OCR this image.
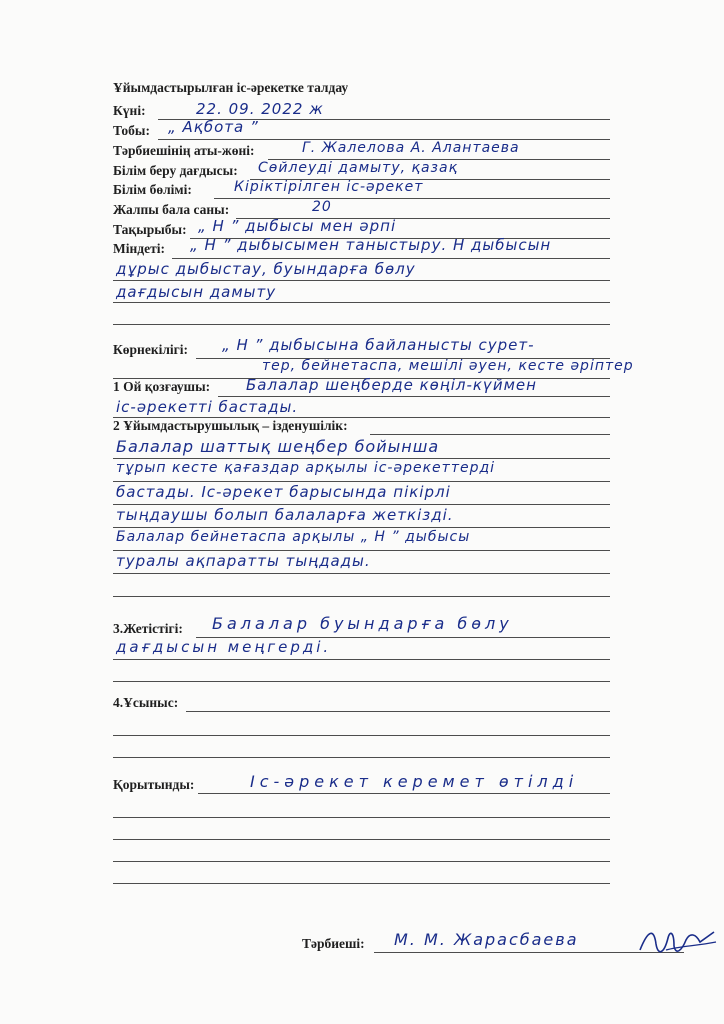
Ұйымдастырылған іс-әрекетке талдау
Күні:	22. 09. 2022 ж
Тобы: „ Ақбота ”
Тәрбиешінің аты-жөні:	Г. Жалелова А. Алантаева
Білім беру дағдысы: Сөйлеуді дамыту, қазақ
Білім бөлімі:	Кіріктірілген іс-әрекет
Жалпы бала саны:	20
Тақырыбы: „ Н ” дыбысы мен әрпі
Міндеті: „ Н ” дыбысымен таныстыру. Н дыбысын
дұрыс дыбыстау, буындарға бөлу
дағдысын дамыту
Көрнекілігі: „ Н ” дыбысына байланысты сурет-
тер, бейнетаспа, мешілі әуен, кесте әріптер
1 Ой қозғаушы: Балалар шеңберде көңіл-күймен
іс-әрекетті бастады.
2 Ұйымдастырушылық – ізденушілік:
Балалар шаттық шеңбер бойынша
тұрып кесте қағаздар арқылы іс-әрекеттерді
бастады. Іс-әрекет барысында пікірлі
тыңдаушы болып балаларға жеткізді.
Балалар бейнетаспа арқылы „ Н ” дыбысы
туралы ақпаратты тыңдады.
3.Жетістігі: Балалар буындарға бөлу
дағдысын меңгерді.
4.Ұсыныс:
Қорытынды:	Іс-әрекет керемет өтілді
Тәрбиеші: М. М. Жарасбаева
